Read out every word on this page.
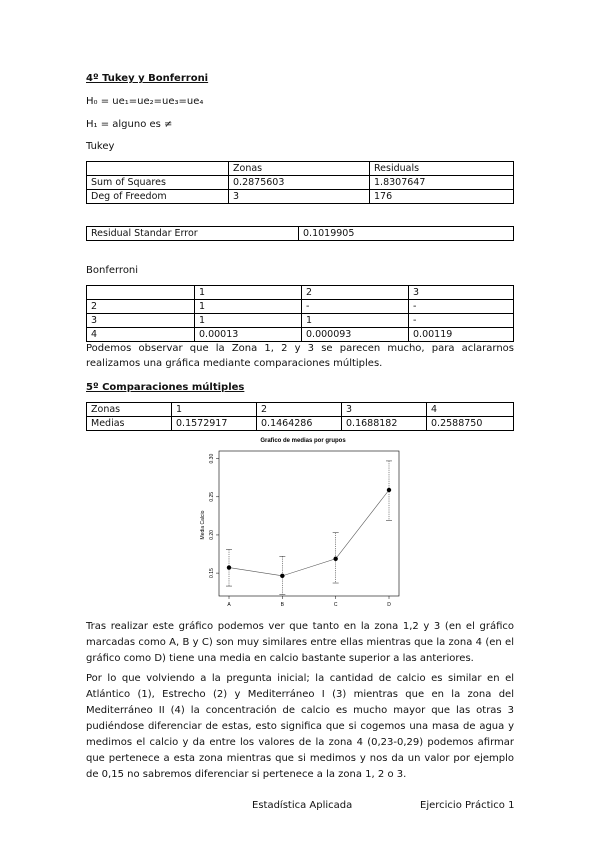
4º Tukey y Bonferroni
H₀ = ue₁=ue₂=ue₃=ue₄
H₁ = alguno es ≠
Tukey
	Zonas	Residuals
Sum of Squares	0.2875603	1.8307647
Deg of Freedom	3	176
Residual Standar Error	0.1019905
Bonferroni
	1	2	3
2	1	-	-
3	1	1	-
4	0.00013	0.000093	0.00119
Podemos observar que la Zona 1, 2 y 3 se parecen mucho, para aclararnos realizamos una gráfica mediante comparaciones múltiples.
5º Comparaciones múltiples
Zonas	1	2	3	4
Medias	0.1572917	0.1464286	0.1688182	0.2588750
Grafico de medias por grupos
Media Calcio
0.15
0.20
0.25
0.30
A	B	C	D
Tras realizar este gráfico podemos ver que tanto en la zona 1,2 y 3 (en el gráfico marcadas como A, B y C) son muy similares entre ellas mientras que la zona 4 (en el gráfico como D) tiene una media en calcio bastante superior a las anteriores.
Por lo que volviendo a la pregunta inicial; la cantidad de calcio es similar en el Atlántico (1), Estrecho (2) y Mediterráneo I (3) mientras que en la zona del Mediterráneo II (4) la concentración de calcio es mucho mayor que las otras 3 pudiéndose diferenciar de estas, esto significa que si cogemos una masa de agua y medimos el calcio y da entre los valores de la zona 4 (0,23-0,29) podemos afirmar que pertenece a esta zona mientras que si medimos y nos da un valor por ejemplo de 0,15 no sabremos diferenciar si pertenece a la zona 1, 2 o 3.
Estadística Aplicada	Ejercicio Práctico 1
